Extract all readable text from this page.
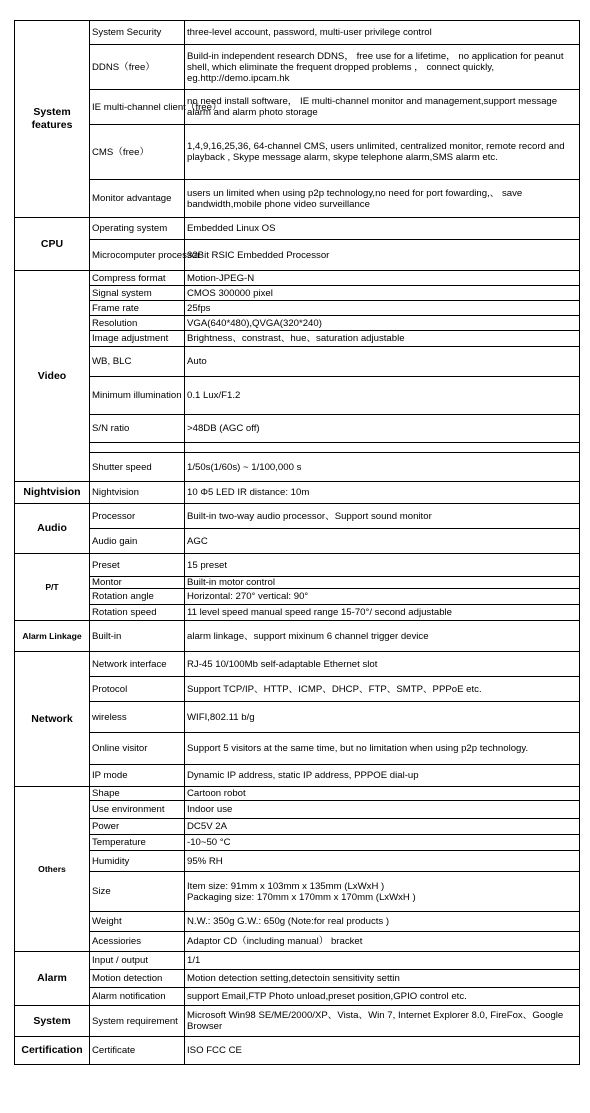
System features	System Security	three-level account, password, multi-user privilege control
	DDNS（free）	Build-in independent research DDNS， free use for a lifetime， no application for peanut shell, which eliminate the frequent dropped problems ， connect quickly, eg.http://demo.ipcam.hk
	IE multi-channel client（free）	no need install software， IE multi-channel monitor and management,support message alarm and alarm photo storage
	CMS（free）	1,4,9,16,25,36, 64-channel CMS, users unlimited, centralized monitor, remote record and playback , Skype message alarm, skype telephone alarm,SMS alarm etc.
	Monitor advantage	users un limited when using p2p technology,no need for port fowarding,、 save bandwidth,mobile phone video surveillance
CPU	Operating system	Embedded Linux OS
	Microcomputer processor	32Bit RSIC Embedded Processor
Video	Compress format	Motion-JPEG-N
	Signal system	CMOS 300000 pixel
	Frame rate	25fps
	Resolution	VGA(640*480),QVGA(320*240)
	Image adjustment	Brightness、constrast、hue、saturation adjustable
	WB, BLC	Auto
	Minimum illumination	0.1 Lux/F1.2
	S/N ratio	>48DB (AGC off)

	Shutter speed	1/50s(1/60s) ~ 1/100,000 s
Nightvision	Nightvision	10 Φ5 LED IR distance: 10m
Audio	Processor	Built-in two-way audio processor、Support sound monitor
	Audio gain	AGC
P/T	Preset	15 preset
	Montor	Built-in motor control
	Rotation angle	Horizontal: 270° vertical: 90°
	Rotation speed	11 level speed manual speed range 15-70°/ second adjustable
Alarm Linkage	Built-in	alarm linkage、support mixinum 6 channel trigger device
Network	Network interface	RJ-45 10/100Mb self-adaptable Ethernet slot
	Protocol	Support TCP/IP、HTTP、ICMP、DHCP、FTP、SMTP、PPPoE etc.
	wireless	WIFI,802.11 b/g
	Online visitor	Support 5 visitors at the same time, but no limitation when using p2p technology.
	IP mode	Dynamic IP address, static IP address, PPPOE dial-up
Others	Shape	Cartoon robot
	Use environment	Indoor use
	Power	DC5V 2A
	Temperature	-10~50 °C
	Humidity	95% RH
	Size	Item size: 91mm x 103mm x 135mm (LxWxH )
Packaging size: 170mm x 170mm x 170mm (LxWxH )
	Weight	N.W.: 350g G.W.: 650g (Note:for real products )
	Acessiories	Adaptor CD（including manual） bracket
Alarm	Input / output	1/1
	Motion detection	Motion detection setting,detectoin sensitivity settin
	Alarm notification	support Email,FTP Photo unload,preset position,GPIO control etc.
System	System requirement	Microsoft Win98 SE/ME/2000/XP、Vista、Win 7, Internet Explorer 8.0, FireFox、Google Browser
Certification	Certificate	ISO FCC CE
